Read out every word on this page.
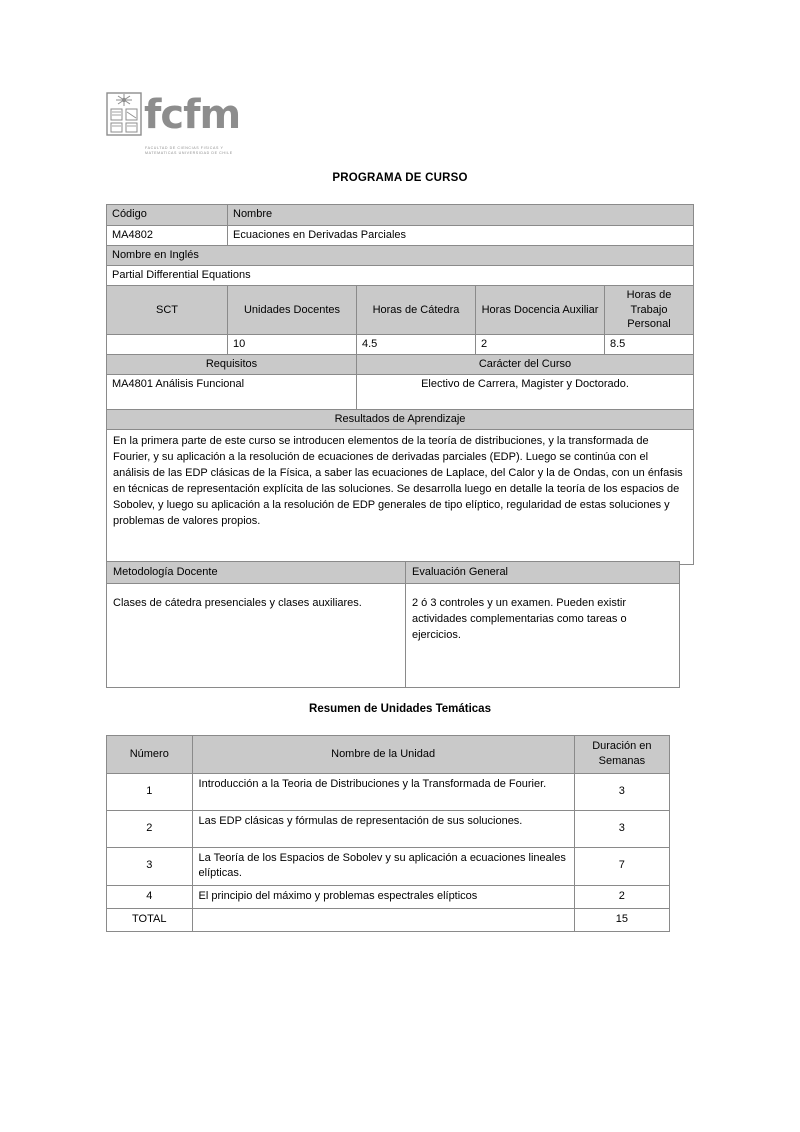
fcfm
FACULTAD DE CIENCIAS FISICAS Y MATEMATICAS UNIVERSIDAD DE CHILE
PROGRAMA DE CURSO
Código	Nombre			
MA4802	Ecuaciones en Derivadas Parciales			
Nombre en Inglés				
Partial Differential Equations				
SCT	Unidades Docentes	Horas de Cátedra	Horas Docencia Auxiliar	Horas de Trabajo Personal
	10	4.5	2	8.5
Requisitos		Carácter del Curso		
MA4801 Análisis Funcional		Electivo de Carrera, Magister y Doctorado.		
Resultados de Aprendizaje				
En la primera parte de este curso se introducen elementos de la teoría de distribuciones, y la transformada de Fourier, y su aplicación a la resolución de ecuaciones de derivadas parciales (EDP). Luego se continúa con el análisis de las EDP clásicas de la Física, a saber las ecuaciones de Laplace, del Calor y la de Ondas, con un énfasis en técnicas de representación explícita de las soluciones. Se desarrolla luego en detalle la teoría de los espacios de Sobolev, y luego su aplicación a la resolución de EDP generales de tipo elíptico, regularidad de estas soluciones y problemas de valores propios.				
Metodología Docente	Evaluación General
Clases de cátedra presenciales y clases auxiliares.	2 ó 3 controles y un examen. Pueden existir actividades complementarias como tareas o ejercicios.
Resumen de Unidades Temáticas
Número	Nombre de la Unidad	Duración en Semanas
1	Introducción a la Teoria de Distribuciones y la Transformada de Fourier.	3
2	Las EDP clásicas y fórmulas de representación de sus soluciones.	3
3	La Teoría de los Espacios de Sobolev y su aplicación a ecuaciones lineales elípticas.	7
4	El principio del máximo y problemas espectrales elípticos	2
TOTAL		15
